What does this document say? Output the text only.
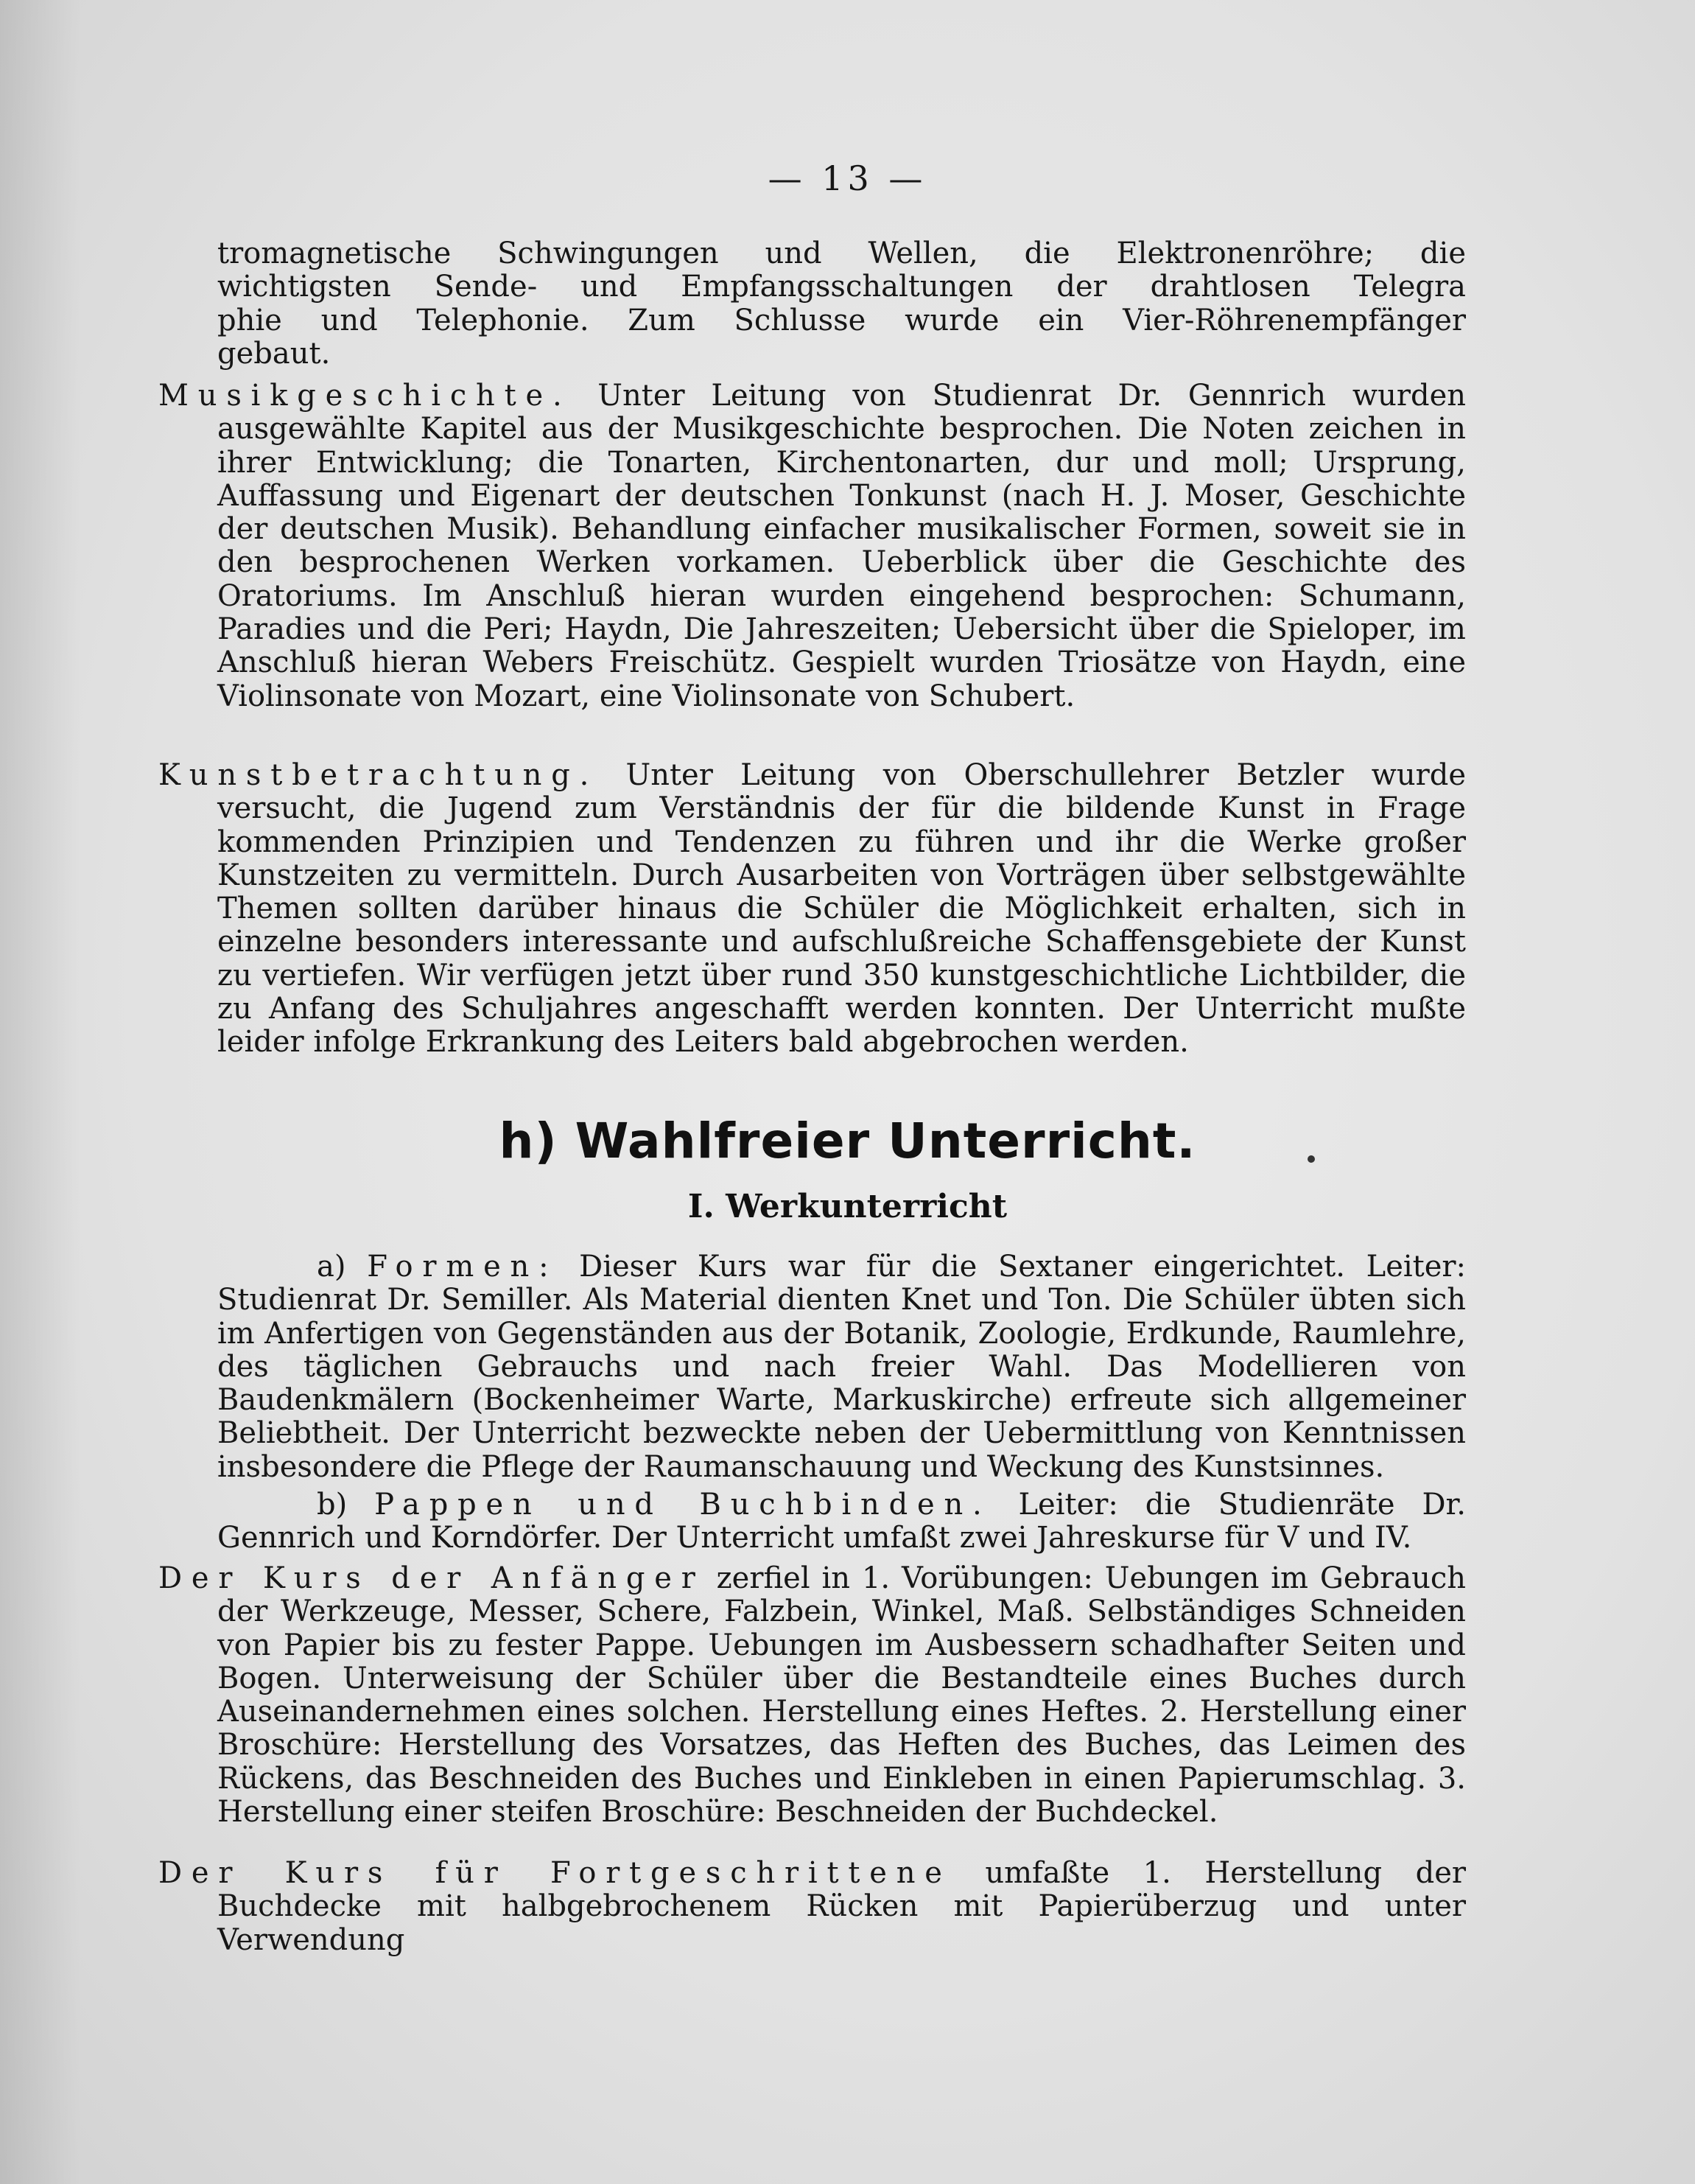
— 13 —

tromagnetische Schwingungen und Wellen, die Elektronenröhre; die

wichtigsten Sende- und Empfangsschaltungen der drahtlosen Telegra

phie und Telephonie. Zum Schlusse wurde ein Vier-Röhrenempfänger

gebaut.

Musikgeschichte. Unter Leitung von Studienrat Dr. Gennrich wurden ausgewählte Kapitel aus der Musikgeschichte besprochen. Die Noten zeichen in ihrer Entwicklung; die Tonarten, Kirchentonarten, dur und moll; Ursprung, Auffassung und Eigenart der deutschen Tonkunst (nach H. J. Moser, Geschichte der deutschen Musik). Behandlung einfacher musikalischer Formen, soweit sie in den besprochenen Werken vorkamen. Ueberblick über die Geschichte des Oratoriums. Im Anschluß hieran wurden eingehend besprochen: Schumann, Paradies und die Peri; Haydn, Die Jahreszeiten; Uebersicht über die Spieloper, im Anschluß hieran Webers Freischütz. Gespielt wurden Triosätze von Haydn, eine Violinsonate von Mozart, eine Violinsonate von Schubert.

Kunstbetrachtung. Unter Leitung von Oberschullehrer Betzler wurde versucht, die Jugend zum Verständnis der für die bildende Kunst in Frage kommenden Prinzipien und Tendenzen zu führen und ihr die Werke großer Kunstzeiten zu vermitteln. Durch Ausarbeiten von Vorträgen über selbstgewählte Themen sollten darüber hinaus die Schüler die Möglichkeit erhalten, sich in einzelne besonders interessante und aufschlußreiche Schaffensgebiete der Kunst zu vertiefen. Wir verfügen jetzt über rund 350 kunstgeschichtliche Lichtbilder, die zu Anfang des Schuljahres angeschafft werden konnten. Der Unterricht mußte leider infolge Erkrankung des Leiters bald abgebrochen werden.

h) Wahlfreier Unterricht.
I. Werkunterricht

a) Formen: Dieser Kurs war für die Sextaner eingerichtet. Leiter: Studienrat Dr. Semiller. Als Material dienten Knet und Ton. Die Schüler übten sich im Anfertigen von Gegenständen aus der Botanik, Zoologie, Erdkunde, Raumlehre, des täglichen Gebrauchs und nach freier Wahl. Das Modellieren von Baudenkmälern (Bockenheimer Warte, Markuskirche) erfreute sich allgemeiner Beliebtheit. Der Unterricht bezweckte neben der Uebermittlung von Kenntnissen insbesondere die Pflege der Raumanschauung und Weckung des Kunstsinnes.

b) Pappen und Buchbinden. Leiter: die Studienräte Dr. Gennrich und Korndörfer. Der Unterricht umfaßt zwei Jahreskurse für V und IV.

Der Kurs der Anfänger zerfiel in 1. Vorübungen: Uebungen im Gebrauch der Werkzeuge, Messer, Schere, Falzbein, Winkel, Maß. Selbständiges Schneiden von Papier bis zu fester Pappe. Uebungen im Ausbessern schadhafter Seiten und Bogen. Unterweisung der Schüler über die Bestandteile eines Buches durch Auseinandernehmen eines solchen. Herstellung eines Heftes. 2. Herstellung einer Broschüre: Herstellung des Vorsatzes, das Heften des Buches, das Leimen des Rückens, das Beschneiden des Buches und Einkleben in einen Papierumschlag. 3. Herstellung einer steifen Broschüre: Beschneiden der Buchdeckel.

Der Kurs für Fortgeschrittene umfaßte 1. Herstellung der Buchdecke mit halbgebrochenem Rücken mit Papierüberzug und unter Verwendung
